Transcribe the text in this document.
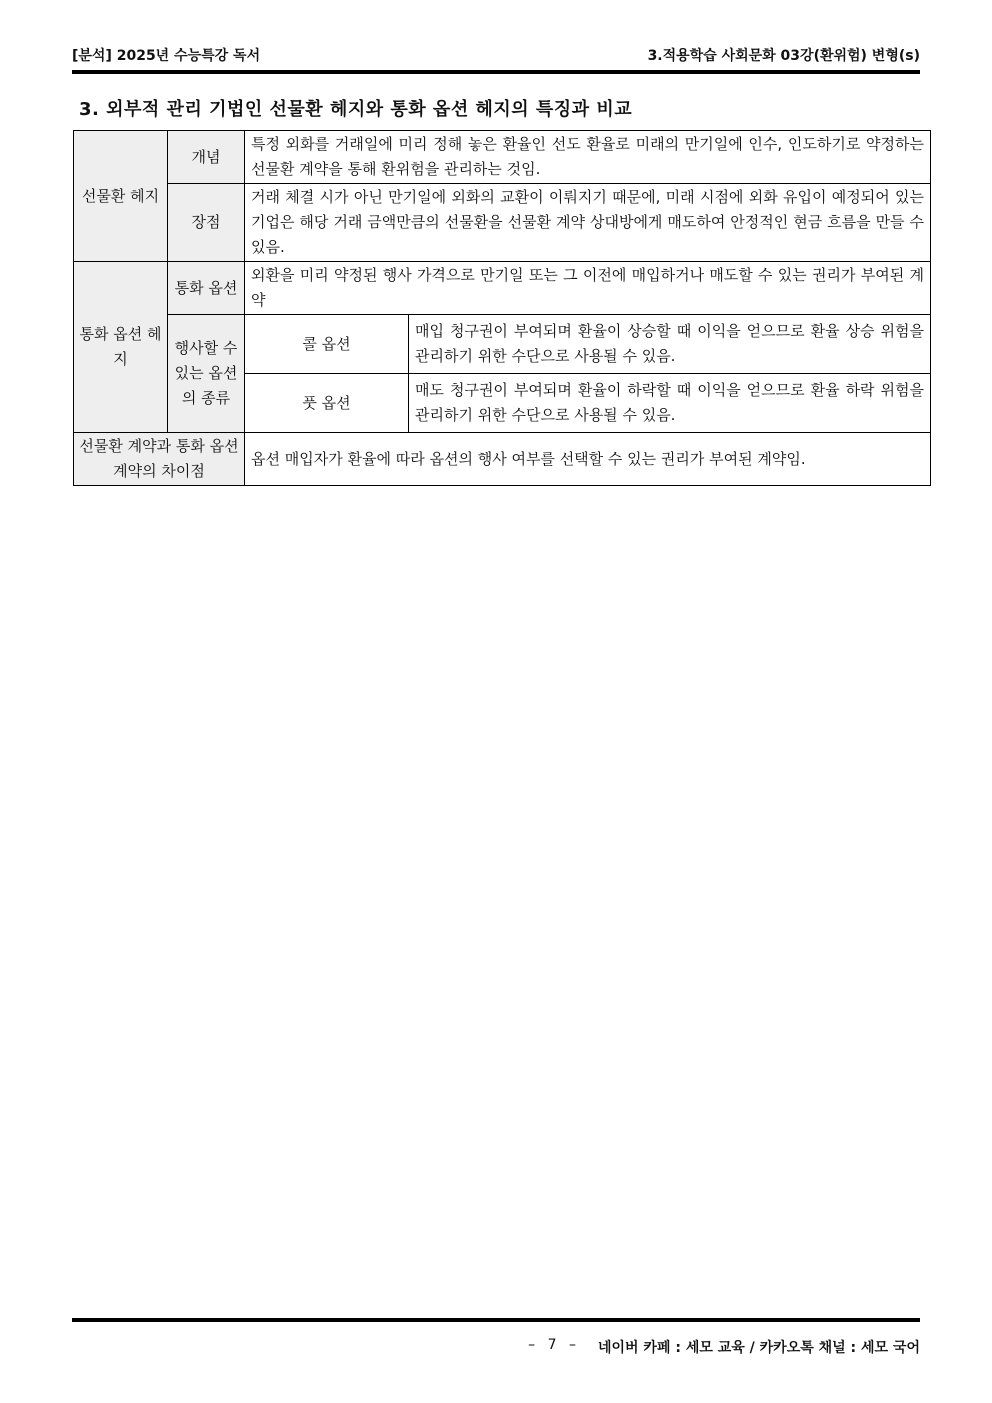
[분석] 2025년 수능특강 독서	3.적용학습 사회문화 03강(환위험) 변형(s)
3. 외부적 관리 기법인 선물환 헤지와 통화 옵션 헤지의 특징과 비교
선물환 헤지	개념	특정 외화를 거래일에 미리 정해 놓은 환율인 선도 환율로 미래의 만기일에 인수, 인도하기로 약정하는 선물환 계약을 통해 환위험을 관리하는 것임.	
	장점	거래 체결 시가 아닌 만기일에 외화의 교환이 이뤄지기 때문에, 미래 시점에 외화 유입이 예정되어 있는 기업은 해당 거래 금액만큼의 선물환을 선물환 계약 상대방에게 매도하여 안정적인 현금 흐름을 만들 수 있음.	
통화 옵션 헤지	통화 옵션	외환을 미리 약정된 행사 가격으로 만기일 또는 그 이전에 매입하거나 매도할 수 있는 권리가 부여된 계약	
	행사할 수 있는 옵션의 종류	콜 옵션	매입 청구권이 부여되며 환율이 상승할 때 이익을 얻으므로 환율 상승 위험을 관리하기 위한 수단으로 사용될 수 있음.
		풋 옵션	매도 청구권이 부여되며 환율이 하락할 때 이익을 얻으므로 환율 하락 위험을 관리하기 위한 수단으로 사용될 수 있음.
선물환 계약과 통화 옵션 계약의 차이점		옵션 매입자가 환율에 따라 옵션의 행사 여부를 선택할 수 있는 권리가 부여된 계약임.	
– 7 – 네이버 카페 : 세모 교육 / 카카오톡 채널 : 세모 국어
